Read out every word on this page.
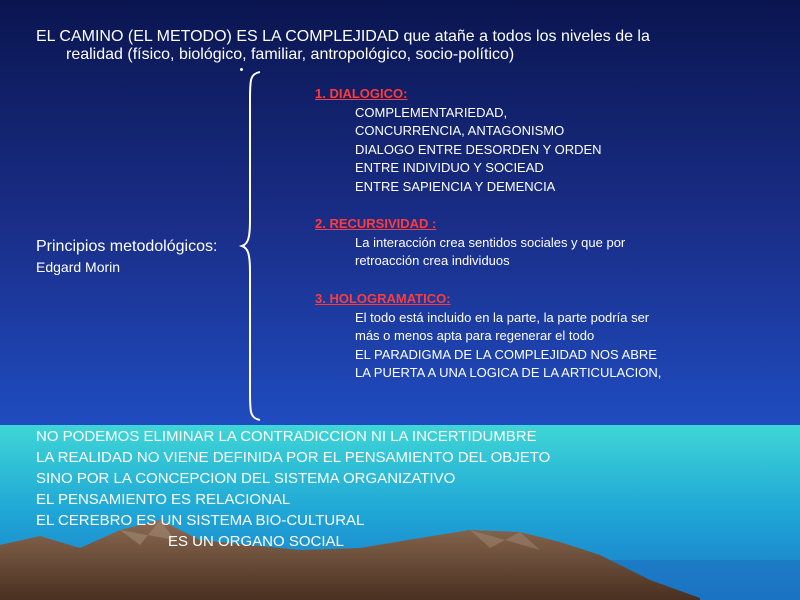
EL CAMINO (EL METODO) ES LA COMPLEJIDAD que atañe a todos los niveles de la
realidad (físico, biológico, familiar, antropológico, socio-político)
Principios metodológicos:
Edgard Morin
1. DIALOGICO:
COMPLEMENTARIEDAD,
CONCURRENCIA, ANTAGONISMO
DIALOGO ENTRE DESORDEN Y ORDEN
ENTRE INDIVIDUO Y SOCIEAD
ENTRE SAPIENCIA Y DEMENCIA
2. RECURSIVIDAD :
La interacción crea sentidos sociales y que por
retroacción crea individuos
3. HOLOGRAMATICO:
El todo está incluido en la parte, la parte podría ser
más o menos apta para regenerar el todo
EL PARADIGMA DE LA COMPLEJIDAD NOS ABRE
LA PUERTA A UNA LOGICA DE LA ARTICULACION,
NO PODEMOS ELIMINAR LA CONTRADICCION NI LA INCERTIDUMBRE
LA REALIDAD NO VIENE DEFINIDA POR EL PENSAMIENTO DEL OBJETO
SINO POR LA CONCEPCION DEL SISTEMA ORGANIZATIVO
EL PENSAMIENTO ES RELACIONAL
EL CEREBRO ES UN SISTEMA BIO-CULTURAL
ES UN ORGANO SOCIAL
